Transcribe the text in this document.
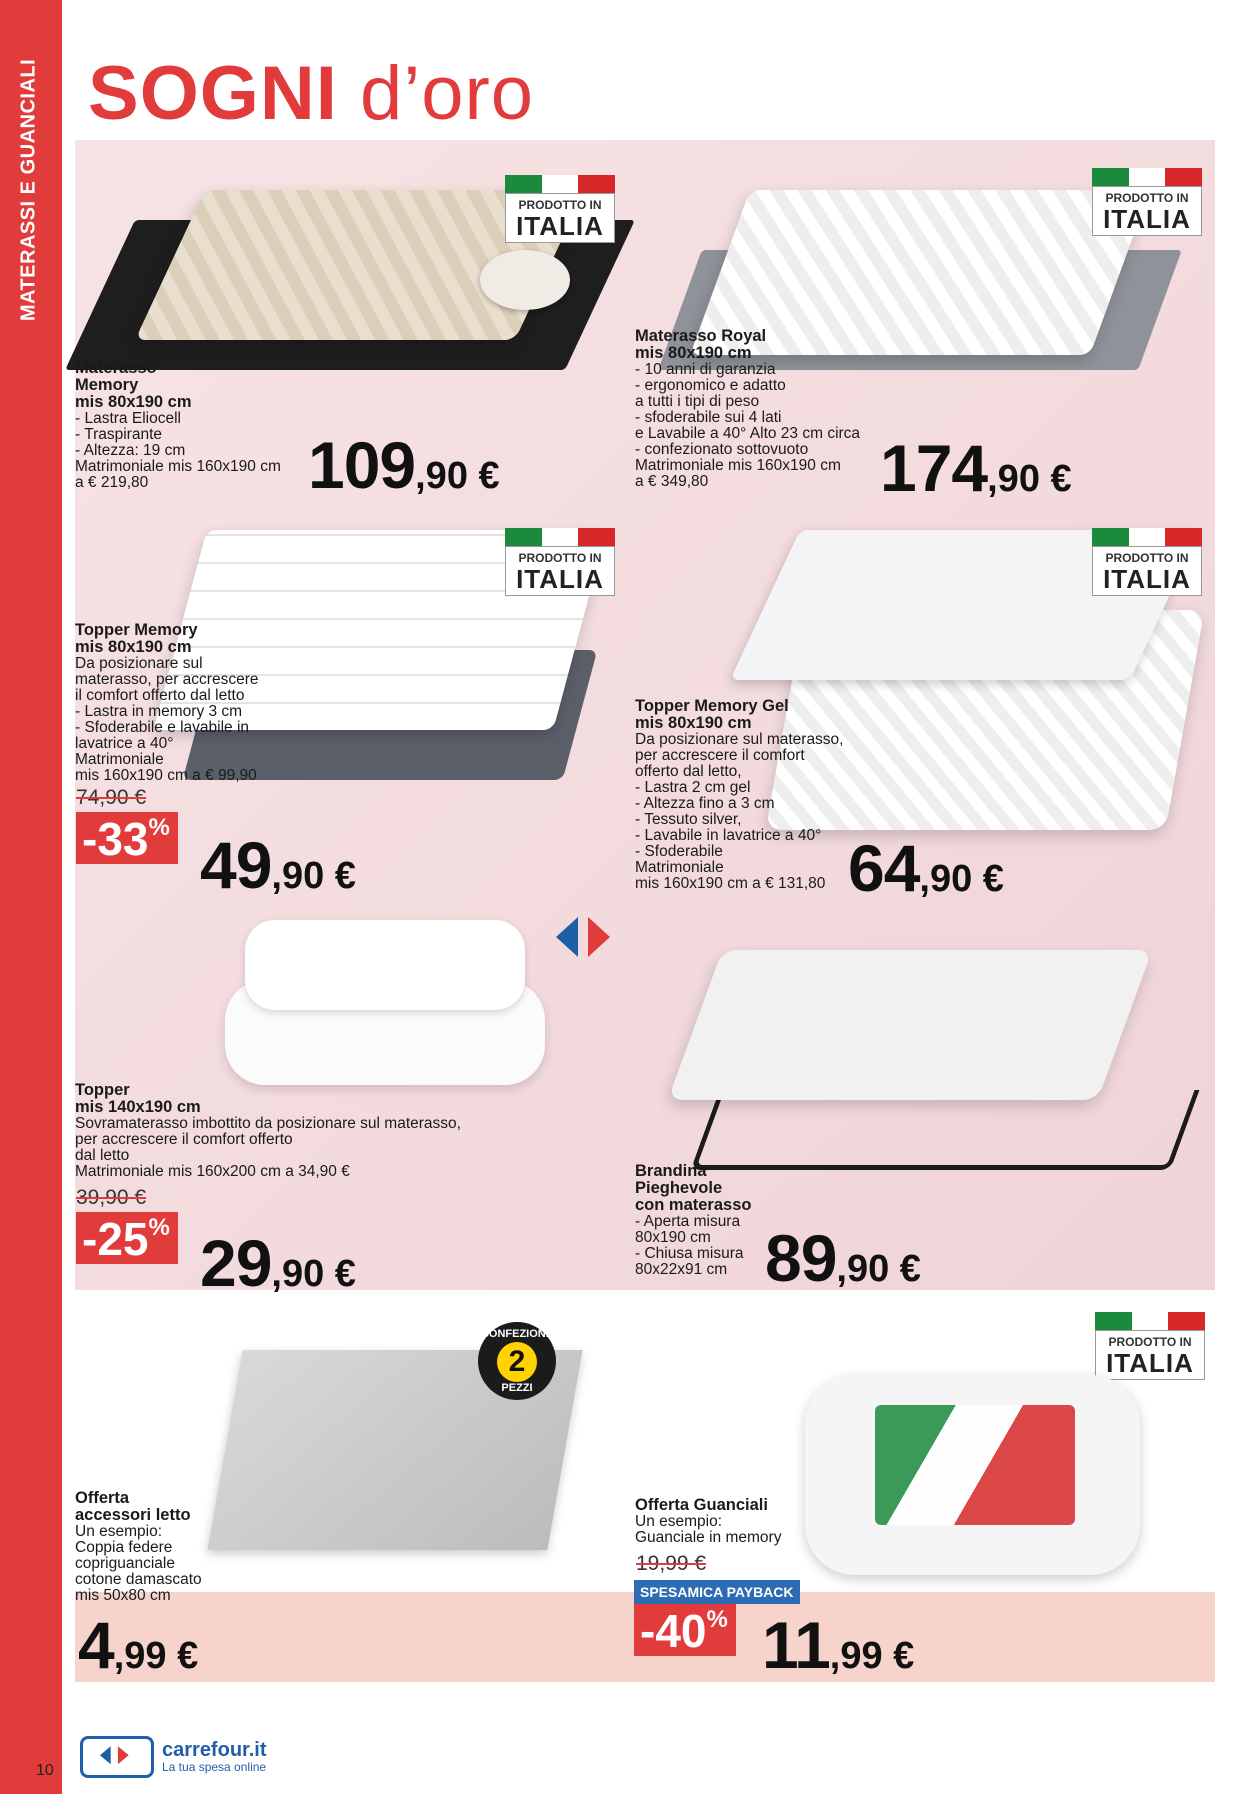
MATERASSI E GUANCIALI
10
SOGNI d’oro
PRODOTTO IN
ITALIA
Materasso
Memory
mis 80x190 cm
- Lastra Eliocell
- Traspirante
- Altezza: 19 cm
Matrimoniale mis 160x190 cm
a € 219,80	109,90 €
PRODOTTO IN
ITALIA
Materasso Royal
mis 80x190 cm
- 10 anni di garanzia
- ergonomico e adatto
a tutti i tipi di peso
- sfoderabile sui 4 lati
e Lavabile a 40° Alto 23 cm circa
- confezionato sottovuoto
Matrimoniale mis 160x190 cm
a € 349,80	174,90 €
PRODOTTO IN
ITALIA
Topper Memory
mis 80x190 cm
Da posizionare sul
materasso, per accrescere
il comfort offerto dal letto
- Lastra in memory 3 cm
- Sfoderabile e lavabile in
lavatrice a 40°
Matrimoniale
mis 160x190 cm a € 99,90
74,90 €
-33%
49,90 €
PRODOTTO IN
ITALIA
Topper Memory Gel
mis 80x190 cm
Da posizionare sul materasso,
per accrescere il comfort
offerto dal letto,
- Lastra 2 cm gel
- Altezza fino a 3 cm
- Tessuto silver,
- Lavabile in lavatrice a 40°
- Sfoderabile
Matrimoniale
mis 160x190 cm a € 131,80 64,90 €
Topper
mis 140x190 cm
Sovramaterasso imbottito da posizionare sul materasso,
per accrescere il comfort offerto
dal letto
Matrimoniale mis 160x200 cm a 34,90 €
39,90 €
-25% 29,90 €
Brandina
Pieghevole
con materasso
- Aperta misura
80x190 cm
- Chiusa misura
80x22x91 cm 89,90 €
CONFEZIONE
2
PEZZI
Offerta
accessori letto
Un esempio:
Coppia federe
copriguanciale
cotone damascato
mis 50x80 cm
4,99 €
PRODOTTO IN
ITALIA
Offerta Guanciali
Un esempio:
Guanciale in memory
19,99 €
SPESAMICA PAYBACK
-40% 11,99 €
carrefour.it
La tua spesa online
